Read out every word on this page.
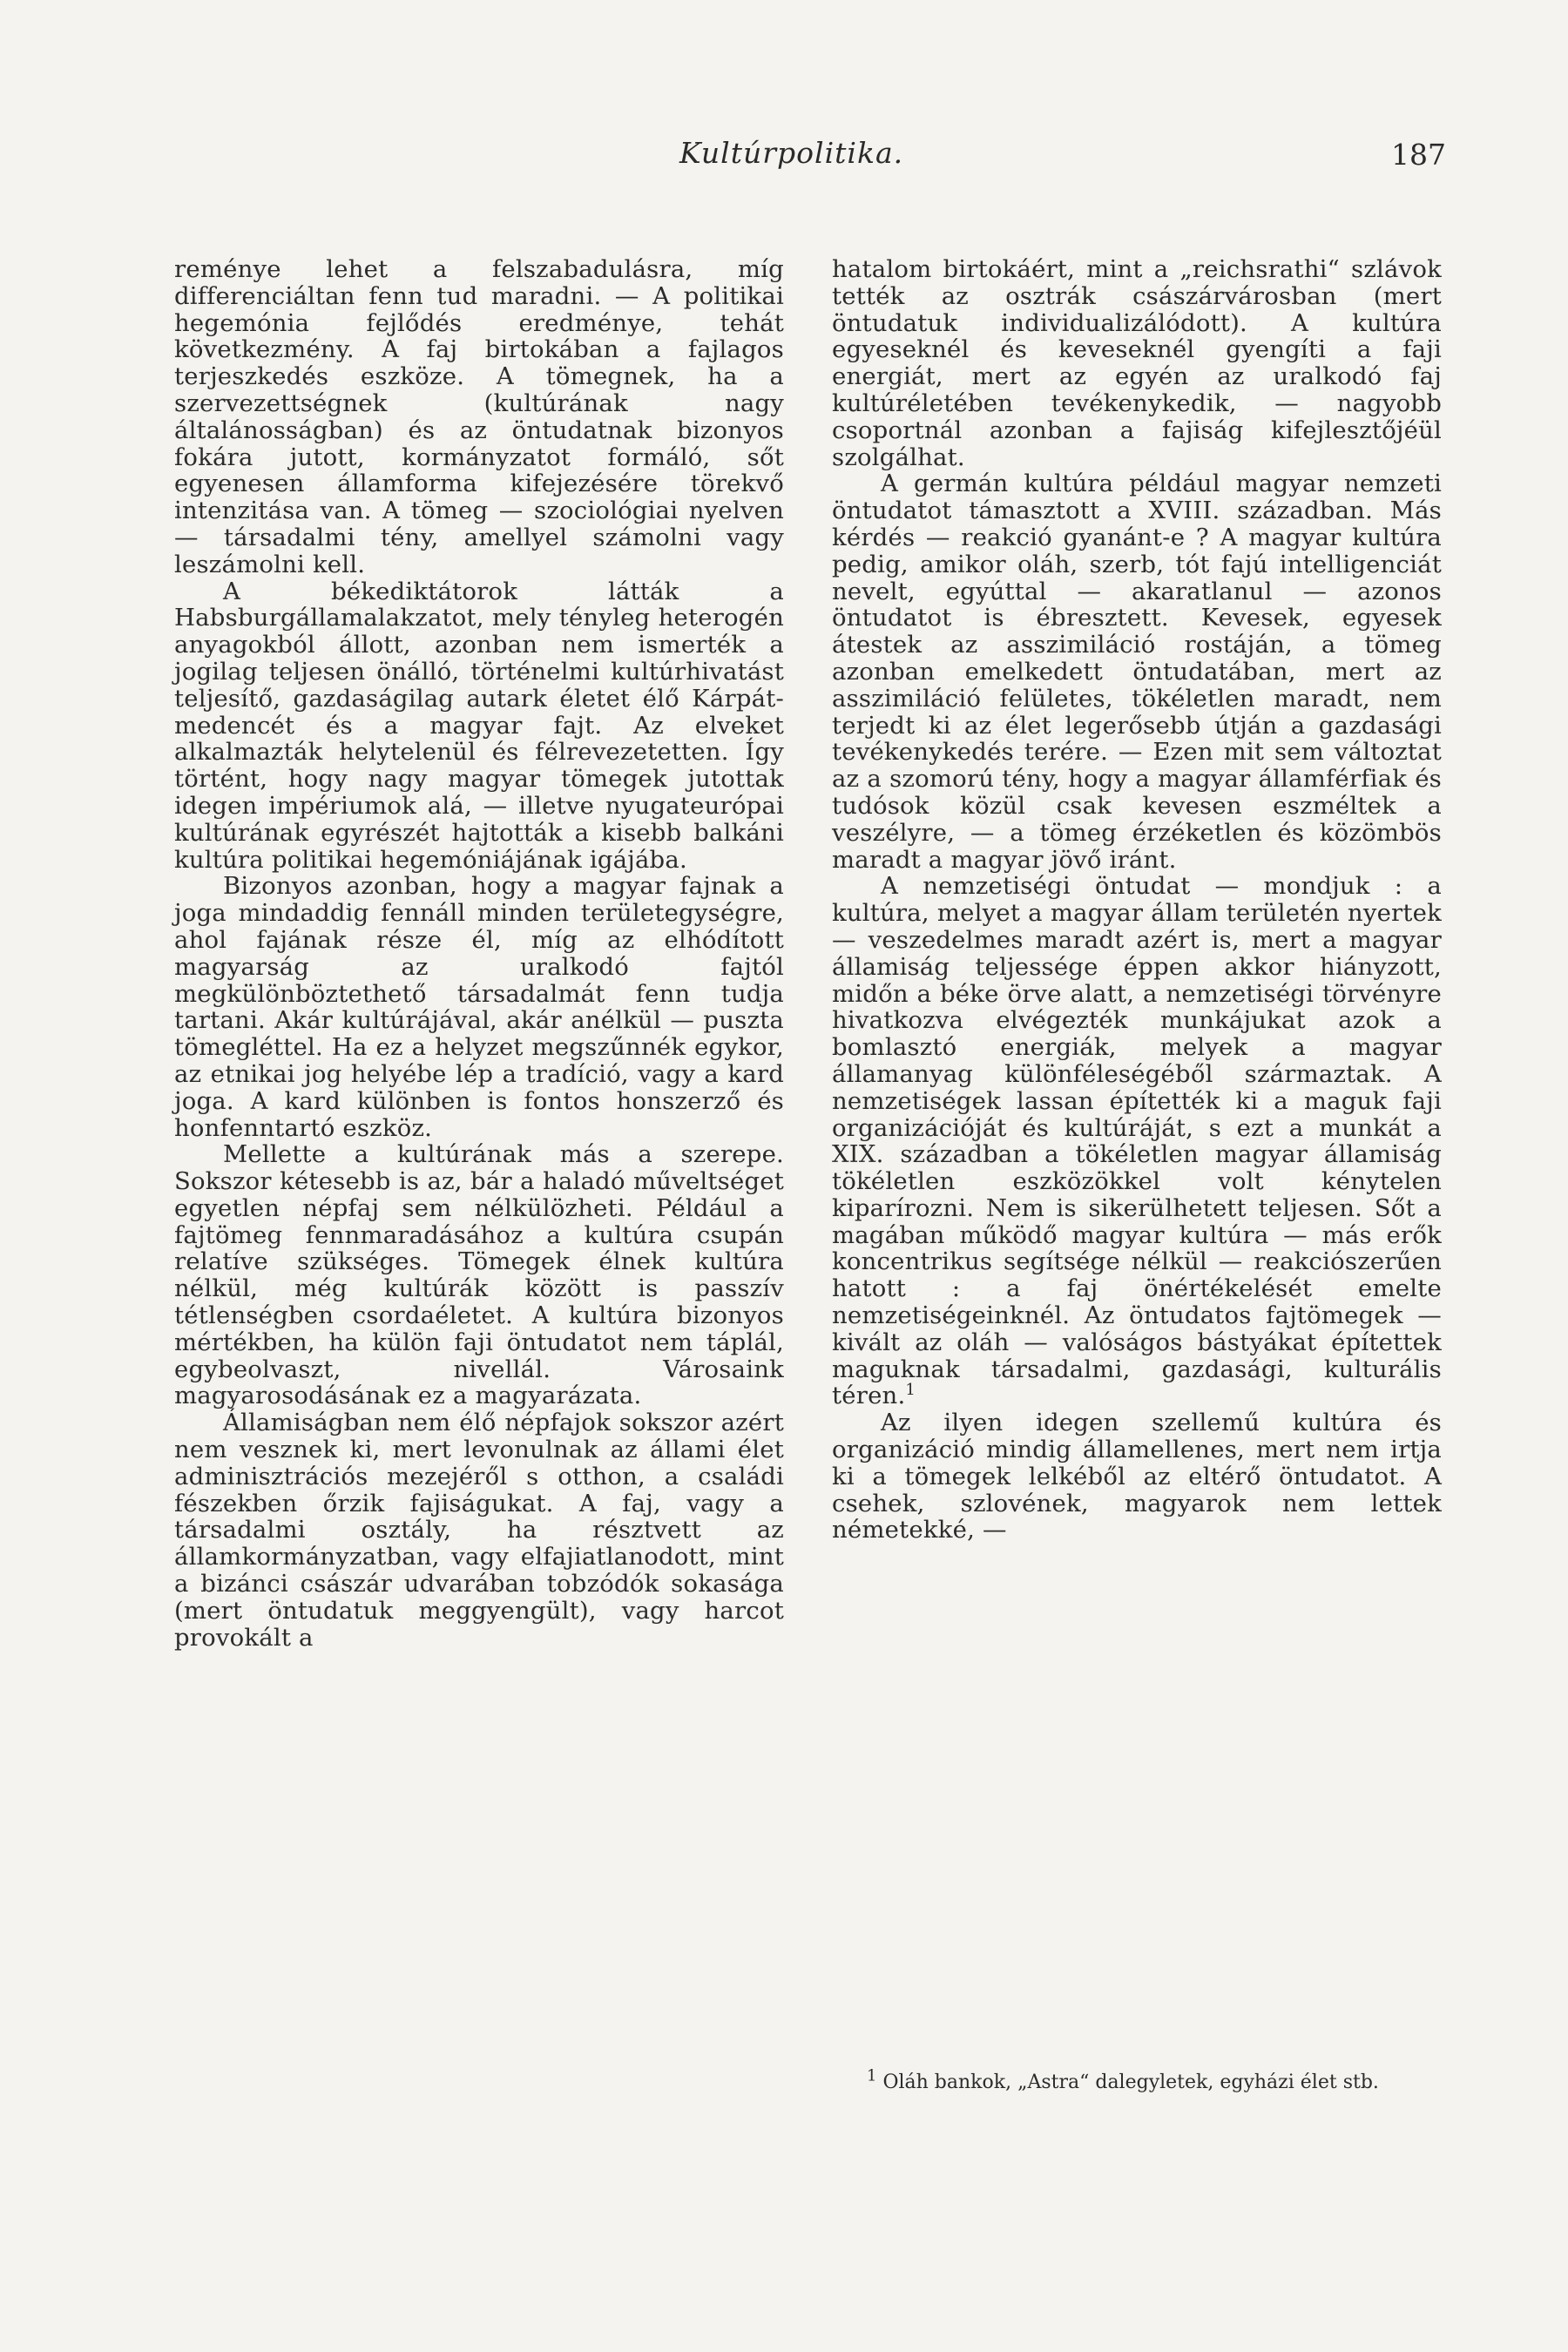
Kultúrpolitika.	187

reménye lehet a felszabadulásra, míg differenciáltan fenn tud maradni. — A politikai hegemónia fejlődés eredménye, tehát következmény. A faj birtokában a fajlagos terjeszkedés eszköze. A tömegnek, ha a szervezettségnek (kultúrának nagy általánosságban) és az öntudatnak bizonyos fokára jutott, kormányzatot formáló, sőt egyenesen államforma kifejezésére törekvő intenzitása van. A tömeg — szociológiai nyelven — társadalmi tény, amellyel számolni vagy leszámolni kell.

A békediktátorok látták a Habsburgállamalakzatot, mely tényleg heterogén anyagokból állott, azonban nem ismerték a jogilag teljesen önálló, történelmi kultúrhivatást teljesítő, gazdaságilag autark életet élő Kárpát-medencét és a magyar fajt. Az elveket alkalmazták helytelenül és félrevezetetten. Így történt, hogy nagy magyar tömegek jutottak idegen impériumok alá, — illetve nyugateurópai kultúrának egyrészét hajtották a kisebb balkáni kultúra politikai hegemóniájának igájába.

Bizonyos azonban, hogy a magyar fajnak a joga mindaddig fennáll minden területegységre, ahol fajának része él, míg az elhódított magyarság az uralkodó fajtól megkülönböztethető társadalmát fenn tudja tartani. Akár kultúrájával, akár anélkül — puszta tömegléttel. Ha ez a helyzet megszűnnék egykor, az etnikai jog helyébe lép a tradíció, vagy a kard joga. A kard különben is fontos honszerző és honfenntartó eszköz.

Mellette a kultúrának más a szerepe. Sokszor kétesebb is az, bár a haladó műveltséget egyetlen népfaj sem nélkülözheti. Például a fajtömeg fennmaradásához a kultúra csupán relatíve szükséges. Tömegek élnek kultúra nélkül, még kultúrák között is passzív tétlenségben csordaéletet. A kultúra bizonyos mértékben, ha külön faji öntudatot nem táplál, egybeolvaszt, nivellál. Városaink magyarosodásának ez a magyarázata.

Államiságban nem élő népfajok sokszor azért nem vesznek ki, mert levonulnak az állami élet adminisztrációs mezejéről s otthon, a családi fészekben őrzik fajiságukat. A faj, vagy a társadalmi osztály, ha résztvett az államkormányzatban, vagy elfajiatlanodott, mint a bizánci császár udvarában tobzódók sokasága (mert öntudatuk meggyengült), vagy harcot provokált a

hatalom birtokáért, mint a „reichsrathi“ szlávok tették az osztrák császárvárosban (mert öntudatuk individualizálódott). A kultúra egyeseknél és keveseknél gyengíti a faji energiát, mert az egyén az uralkodó faj kultúréletében tevékenykedik, — nagyobb csoportnál azonban a fajiság kifejlesztőjéül szolgálhat.

A germán kultúra például magyar nemzeti öntudatot támasztott a XVIII. században. Más kérdés — reakció gyanánt-e ? A magyar kultúra pedig, amikor oláh, szerb, tót fajú intelligenciát nevelt, egyúttal — akaratlanul — azonos öntudatot is ébresztett. Kevesek, egyesek átestek az asszimiláció rostáján, a tömeg azonban emelkedett öntudatában, mert az asszimiláció felületes, tökéletlen maradt, nem terjedt ki az élet legerősebb útján a gazdasági tevékenykedés terére. — Ezen mit sem változtat az a szomorú tény, hogy a magyar államférfiak és tudósok közül csak kevesen eszméltek a veszélyre, — a tömeg érzéketlen és közömbös maradt a magyar jövő iránt.

A nemzetiségi öntudat — mondjuk : a kultúra, melyet a magyar állam területén nyertek — veszedelmes maradt azért is, mert a magyar államiság teljessége éppen akkor hiányzott, midőn a béke örve alatt, a nemzetiségi törvényre hivatkozva elvégezték munkájukat azok a bomlasztó energiák, melyek a magyar államanyag különféleségéből származtak. A nemzetiségek lassan építették ki a maguk faji organizációját és kultúráját, s ezt a munkát a XIX. században a tökéletlen magyar államiság tökéletlen eszközökkel volt kénytelen kiparírozni. Nem is sikerülhetett teljesen. Sőt a magában működő magyar kultúra — más erők koncentrikus segítsége nélkül — reakciószerűen hatott : a faj önértékelését emelte nemzetiségeinknél. Az öntudatos fajtömegek — kivált az oláh — valóságos bástyákat építettek maguknak társadalmi, gazdasági, kulturális téren.$^1$

Az ilyen idegen szellemű kultúra és organizáció mindig államellenes, mert nem irtja ki a tömegek lelkéből az eltérő öntudatot. A csehek, szlovének, magyarok nem lettek németekké, —

$^1$ Oláh bankok, „Astra“ dalegyletek, egyházi élet stb.
